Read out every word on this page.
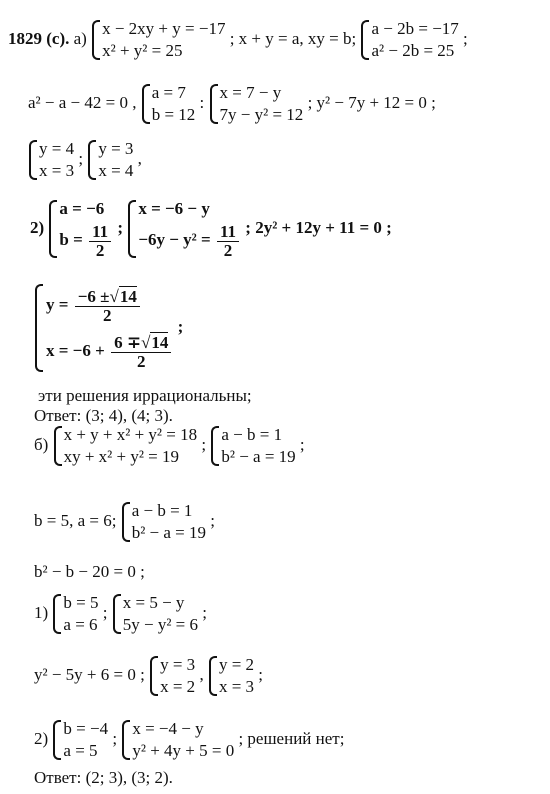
1829 (с). а)
x − 2xy + y = −17
x² + y² = 25
; x + y = a, xy = b;
a − 2b = −17
a² − 2b = 25
;
a² − a − 42 = 0 ,
a = 7
b = 12
:
x = 7 − y
7y − y² = 12
; y² − 7y + 12 = 0 ;
y = 4
x = 3
;
y = 3
x = 4
,
2)
a = −6
$b = \frac{11}{2}$ ;
x = −6 − y
$-6y - y^2 = \frac{11}{2}$ ; 2y² + 12y + 11 = 0 ;
$y = \frac{-6 \pm√14}{2}$
$x = -6 + \frac{6 \mp√14}{2}$
;
эти решения иррациональны;
Ответ: (3; 4), (4; 3).
б)
x + y + x² + y² = 18
xy + x² + y² = 19
;
a − b = 1
b² − a = 19
;
b = 5, a = 6;
a − b = 1
b² − a = 19
;
b² − b − 20 = 0 ;
1)
b = 5
a = 6
;
x = 5 − y
5y − y² = 6
;
y² − 5y + 6 = 0 ;
y = 3
x = 2
,
y = 2
x = 3
;
2)
b = −4
a = 5
;
x = −4 − y
y² + 4y + 5 = 0
; решений нет;
Ответ: (2; 3), (3; 2).
